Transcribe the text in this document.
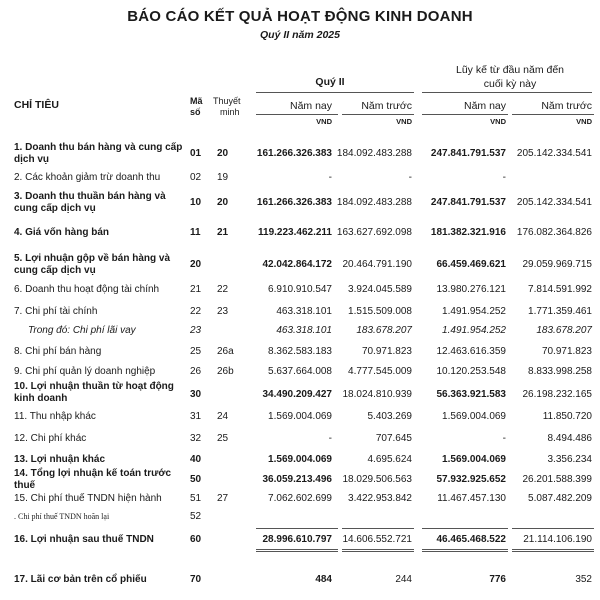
BÁO CÁO KẾT QUẢ HOẠT ĐỘNG KINH DOANH
Quý II năm 2025
Quý II
Lũy kế từ đầu năm đến
cuối kỳ này
CHỈ TIÊU	Mã
số
Thuyết
minh	Năm nay	Năm trước	Năm nay	Năm trước
VND	VND	VND	VND
1. Doanh thu bán hàng và cung cấp dịch vụ
01	20	161.266.326.383 184.092.483.288 247.841.791.537 205.142.334.541
2. Các khoản giảm trừ doanh thu	02	19	-	-	-
3. Doanh thu thuần bán hàng và cung cấp dịch vụ
10	20	161.266.326.383 184.092.483.288 247.841.791.537 205.142.334.541
4. Giá vốn hàng bán	11	21	119.223.462.211 163.627.692.098 181.382.321.916 176.082.364.826
5. Lợi nhuận gộp về bán hàng và cung cấp dịch vụ
20	42.042.864.172 20.464.791.190 66.459.469.621 29.059.969.715
6. Doanh thu hoạt động tài chính	21	22	6.910.910.547 3.924.045.589 13.980.276.121 7.814.591.992
7. Chi phí tài chính	22	23	463.318.101 1.515.509.008	1.491.954.252 1.771.359.461
Trong đó: Chi phí lãi vay	23	463.318.101 183.678.207	1.491.954.252	183.678.207
8. Chi phí bán hàng	25	26a	8.362.583.183	70.971.823 12.463.616.359	70.971.823
9. Chi phí quản lý doanh nghiệp	26	26b	5.637.664.008 4.777.545.009 10.120.253.548 8.833.998.258
10. Lợi nhuận thuần từ hoạt động kinh doanh	30	34.490.209.427 18.024.810.939 56.363.921.583 26.198.232.165
11. Thu nhập khác	31	24	1.569.004.069	5.403.269	1.569.004.069	11.850.720
12. Chi phí khác	32	25	-	707.645	-	8.494.486
13. Lợi nhuận khác	40	1.569.004.069	4.695.624	1.569.004.069	3.356.234
14. Tổng lợi nhuận kế toán trước thuế
50	36.059.213.496 18.029.506.563 57.932.925.652 26.201.588.399
15. Chi phí thuế TNDN hiện hành	51	27	7.062.602.699 3.422.953.842	11.467.457.130 5.087.482.209
. Chi phí thuế TNDN hoãn lại	52
16. Lợi nhuận sau thuế TNDN	60	28.996.610.797 14.606.552.721 46.465.468.522 21.114.106.190
17. Lãi cơ bản trên cổ phiếu	70	484	244	776	352
